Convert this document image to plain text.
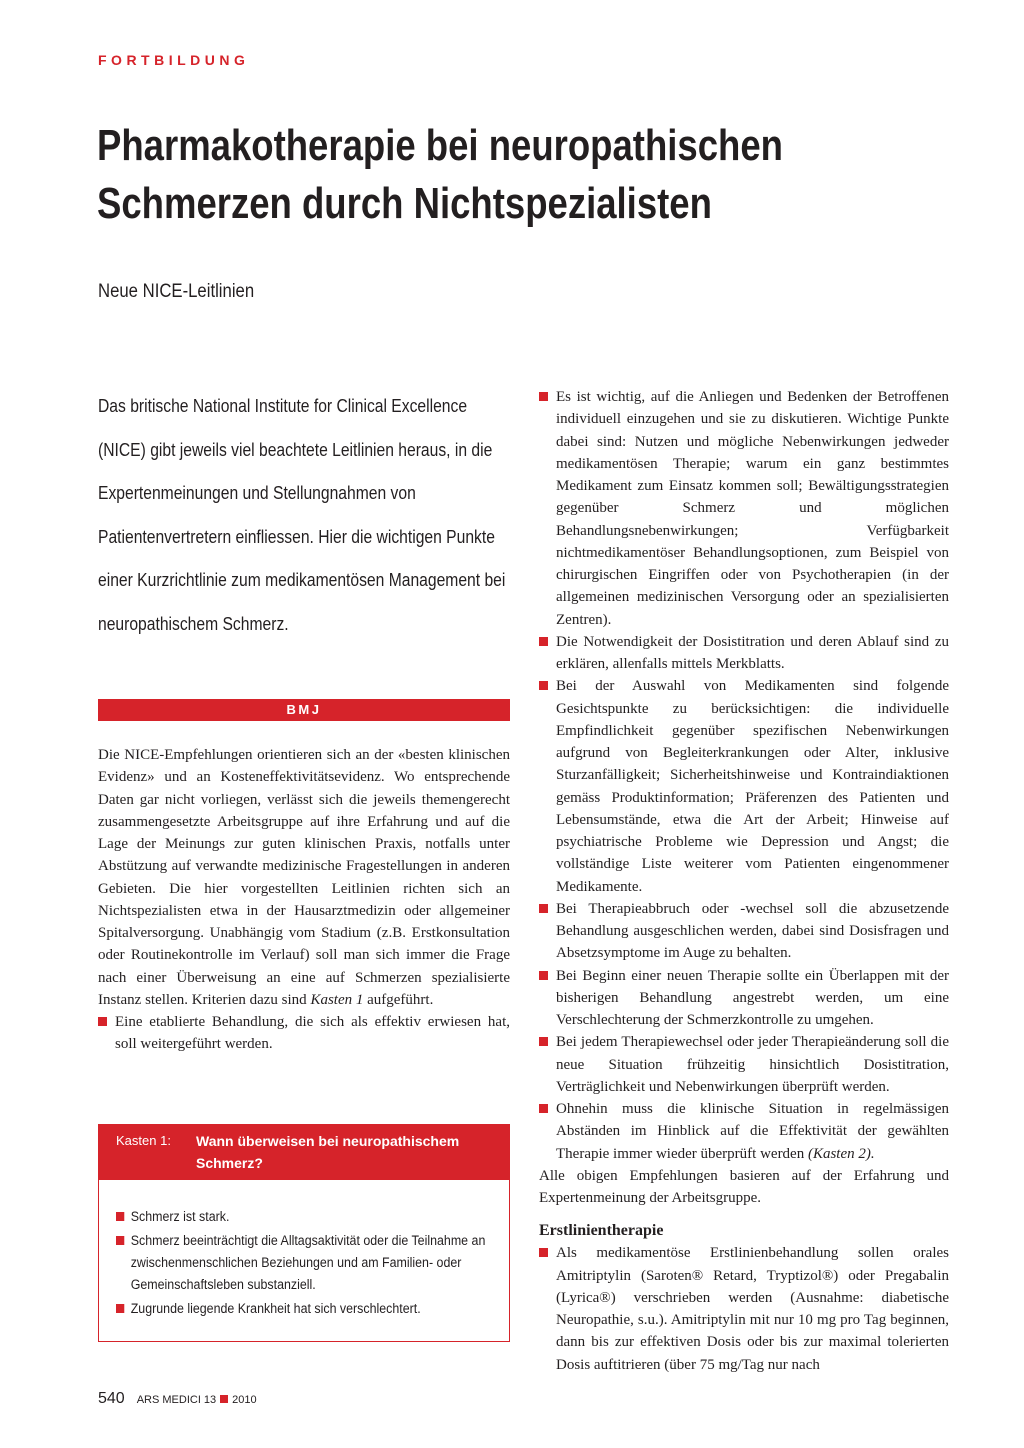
FORTBILDUNG
Pharmakotherapie bei neuropathischen
Schmerzen durch Nichtspezialisten
Neue NICE-Leitlinien

Das britische National Institute for Clinical Excellence (NICE) gibt jeweils viel beachtete Leitlinien heraus, in die Expertenmeinungen und Stellungnahmen von Patientenvertretern einfliessen. Hier die wichtigen Punkte einer Kurzrichtlinie zum medikamentösen Management bei neuropathischem Schmerz.

BMJ

Die NICE-Empfehlungen orientieren sich an der «besten klinischen Evidenz» und an Kosteneffektivitätsevidenz. Wo entsprechende Daten gar nicht vorliegen, verlässt sich die jeweils themengerecht zusammengesetzte Arbeitsgruppe auf ihre Erfahrung und auf die Lage der Meinungs zur guten klinischen Praxis, notfalls unter Abstützung auf verwandte medizinische Fragestellungen in anderen Gebieten. Die hier vorgestellten Leitlinien richten sich an Nichtspezialisten etwa in der Hausarztmedizin oder allgemeiner Spitalversorgung. Unabhängig vom Stadium (z.B. Erstkonsultation oder Routinekontrolle im Verlauf) soll man sich immer die Frage nach einer Überweisung an eine auf Schmerzen spezialisierte Instanz stellen. Kriterien dazu sind Kasten 1 aufgeführt.

Eine etablierte Behandlung, die sich als effektiv erwiesen hat, soll weitergeführt werden.
Kasten 1:	Wann überweisen bei neuropathischem Schmerz?
Schmerz ist stark.
Schmerz beeinträchtigt die Alltagsaktivität oder die Teilnahme an zwischenmenschlichen Beziehungen und am Familien- oder Gemeinschaftsleben substanziell.
Zugrunde liegende Krankheit hat sich verschlechtert.
Es ist wichtig, auf die Anliegen und Bedenken der Betroffenen individuell einzugehen und sie zu diskutieren. Wichtige Punkte dabei sind: Nutzen und mögliche Nebenwirkungen jedweder medikamentösen Therapie; warum ein ganz bestimmtes Medikament zum Einsatz kommen soll; Bewältigungsstrategien gegenüber Schmerz und möglichen Behandlungsnebenwirkungen; Verfügbarkeit nichtmedikamentöser Behandlungsoptionen, zum Beispiel von chirurgischen Eingriffen oder von Psychotherapien (in der allgemeinen medizinischen Versorgung oder an spezialisierten Zentren).
Die Notwendigkeit der Dosistitration und deren Ablauf sind zu erklären, allenfalls mittels Merkblatts.
Bei der Auswahl von Medikamenten sind folgende Gesichtspunkte zu berücksichtigen: die individuelle Empfindlichkeit gegenüber spezifischen Nebenwirkungen aufgrund von Begleiterkrankungen oder Alter, inklusive Sturzanfälligkeit; Sicherheitshinweise und Kontraindiaktionen gemäss Produktinformation; Präferenzen des Patienten und Lebensumstände, etwa die Art der Arbeit; Hinweise auf psychiatrische Probleme wie Depression und Angst; die vollständige Liste weiterer vom Patienten eingenommener Medikamente.
Bei Therapieabbruch oder -wechsel soll die abzusetzende Behandlung ausgeschlichen werden, dabei sind Dosisfragen und Absetzsymptome im Auge zu behalten.
Bei Beginn einer neuen Therapie sollte ein Überlappen mit der bisherigen Behandlung angestrebt werden, um eine Verschlechterung der Schmerzkontrolle zu umgehen.
Bei jedem Therapiewechsel oder jeder Therapieänderung soll die neue Situation frühzeitig hinsichtlich Dosistitration, Verträglichkeit und Nebenwirkungen überprüft werden.
Ohnehin muss die klinische Situation in regelmässigen Abständen im Hinblick auf die Effektivität der gewählten Therapie immer wieder überprüft werden (Kasten 2).

Alle obigen Empfehlungen basieren auf der Erfahrung und Expertenmeinung der Arbeitsgruppe.

Erstlinientherapie
Als medikamentöse Erstlinienbehandlung sollen orales Amitriptylin (Saroten® Retard, Tryptizol®) oder Pregabalin (Lyrica®) verschrieben werden (Ausnahme: diabetische Neuropathie, s.u.). Amitriptylin mit nur 10 mg pro Tag beginnen, dann bis zur effektiven Dosis oder bis zur maximal tolerierten Dosis auftitrieren (über 75 mg/Tag nur nach
540 ARS MEDICI 13 2010
